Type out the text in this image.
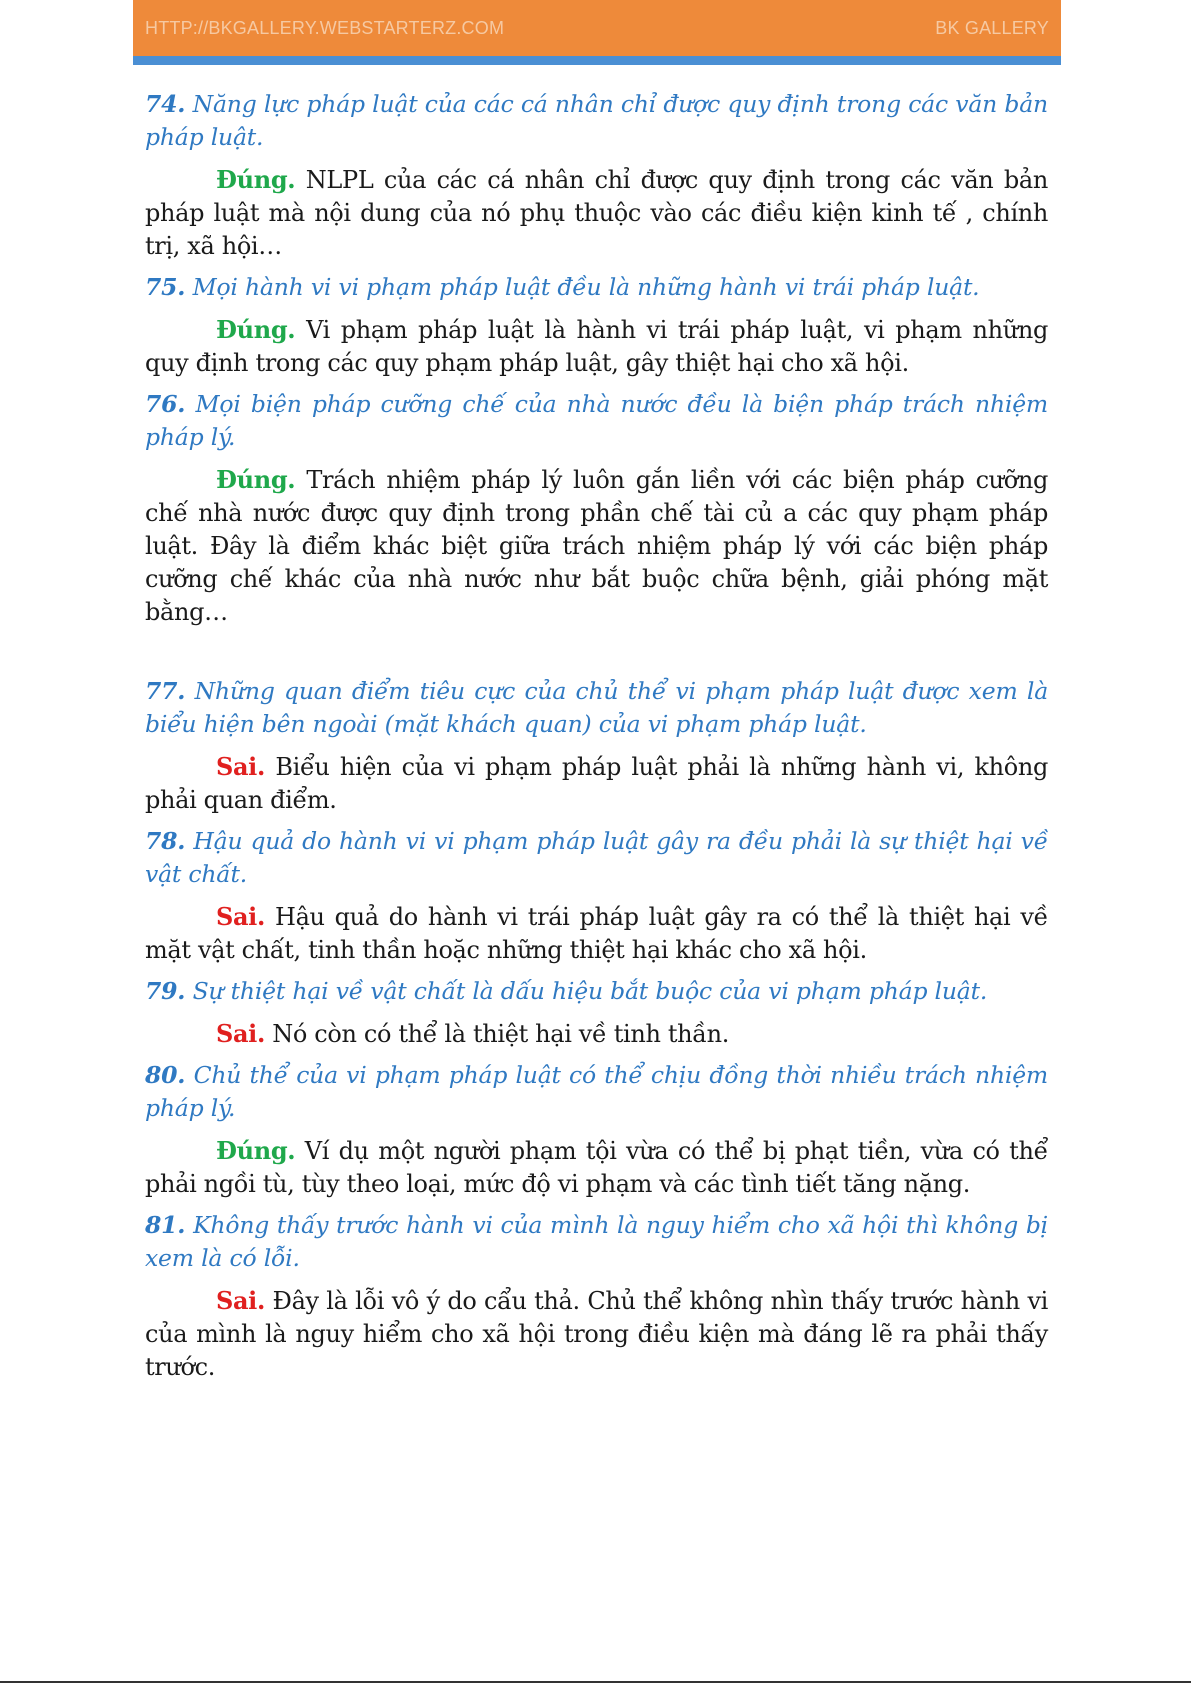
HTTP://BKGALLERY.WEBSTARTERZ.COM	BK GALLERY

74. Năng lực pháp luật của các cá nhân chỉ được quy định trong các văn bản pháp luật.

Đúng. NLPL của các cá nhân chỉ được quy định trong các văn bản pháp luật mà nội dung của nó phụ thuộc vào các điều kiện kinh tế , chính trị, xã hội…

75. Mọi hành vi vi phạm pháp luật đều là những hành vi trái pháp luật.

Đúng. Vi phạm pháp luật là hành vi trái pháp luật, vi phạm những quy định trong các quy phạm pháp luật, gây thiệt hại cho xã hội.

76. Mọi biện pháp cưỡng chế của nhà nước đều là biện pháp trách nhiệm pháp lý.

Đúng. Trách nhiệm pháp lý luôn gắn liền với các biện pháp cưỡng chế nhà nước được quy định trong phần chế tài củ a các quy phạm pháp luật. Đây là điểm khác biệt giữa trách nhiệm pháp lý với các biện pháp cưỡng chế khác của nhà nước như bắt buộc chữa bệnh, giải phóng mặt bằng…

77. Những quan điểm tiêu cực của chủ thể vi phạm pháp luật được xem là biểu hiện bên ngoài (mặt khách quan) của vi phạm pháp luật.

Sai. Biểu hiện của vi phạm pháp luật phải là những hành vi, không phải quan điểm.

78. Hậu quả do hành vi vi phạm pháp luật gây ra đều phải là sự thiệt hại về vật chất.

Sai. Hậu quả do hành vi trái pháp luật gây ra có thể là thiệt hại về mặt vật chất, tinh thần hoặc những thiệt hại khác cho xã hội.

79. Sự thiệt hại về vật chất là dấu hiệu bắt buộc của vi phạm pháp luật.

Sai. Nó còn có thể là thiệt hại về tinh thần.

80. Chủ thể của vi phạm pháp luật có thể chịu đồng thời nhiều trách nhiệm pháp lý.

Đúng. Ví dụ một người phạm tội vừa có thể bị phạt tiền, vừa có thể phải ngồi tù, tùy theo loại, mức độ vi phạm và các tình tiết tăng nặng.

81. Không thấy trước hành vi của mình là nguy hiểm cho xã hội thì không bị xem là có lỗi.

Sai. Đây là lỗi vô ý do cẩu thả. Chủ thể không nhìn thấy trước hành vi của mình là nguy hiểm cho xã hội trong điều kiện mà đáng lẽ ra phải thấy trước.
